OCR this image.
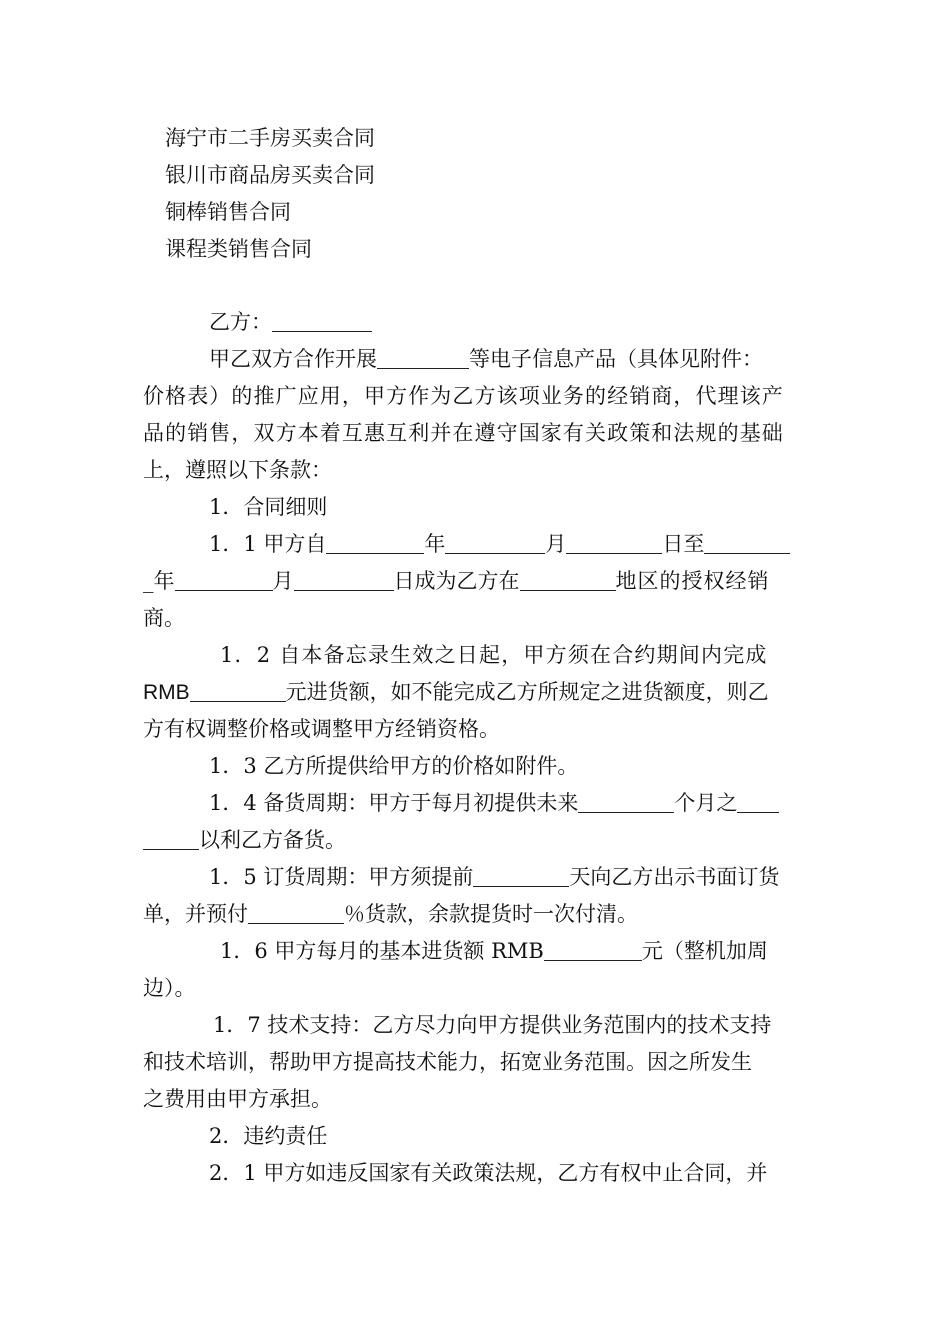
海宁市二手房买卖合同
银川市商品房买卖合同
铜棒销售合同
课程类销售合同
乙方：
甲乙双方合作开展	等电子信息产品（具体见附件：
价格表）的推广应用，甲方作为乙方该项业务的经销商，代理该产
品的销售，双方本着互惠互利并在遵守国家有关政策和法规的基础
上，遵照以下条款：
1．合同细则
1．1 甲方自	年	月	日至
_年	月	日成为乙方在	地区的授权经销
商。
1．2 自本备忘录生效之日起，甲方须在合约期间内完成
RMB	元进货额，如不能完成乙方所规定之进货额度，则乙
方有权调整价格或调整甲方经销资格。
1．3 乙方所提供给甲方的价格如附件。
1．4 备货周期：甲方于每月初提供未来	个月之
以利乙方备货。
1．5 订货周期：甲方须提前	天向乙方出示书面订货
单，并预付	％货款，余款提货时一次付清。
1．6 甲方每月的基本进货额 RMB	元（整机加周
边）。
1．7 技术支持：乙方尽力向甲方提供业务范围内的技术支持
和技术培训，帮助甲方提高技术能力，拓宽业务范围。因之所发生
之费用由甲方承担。
2．违约责任
2．1 甲方如违反国家有关政策法规，乙方有权中止合同，并
